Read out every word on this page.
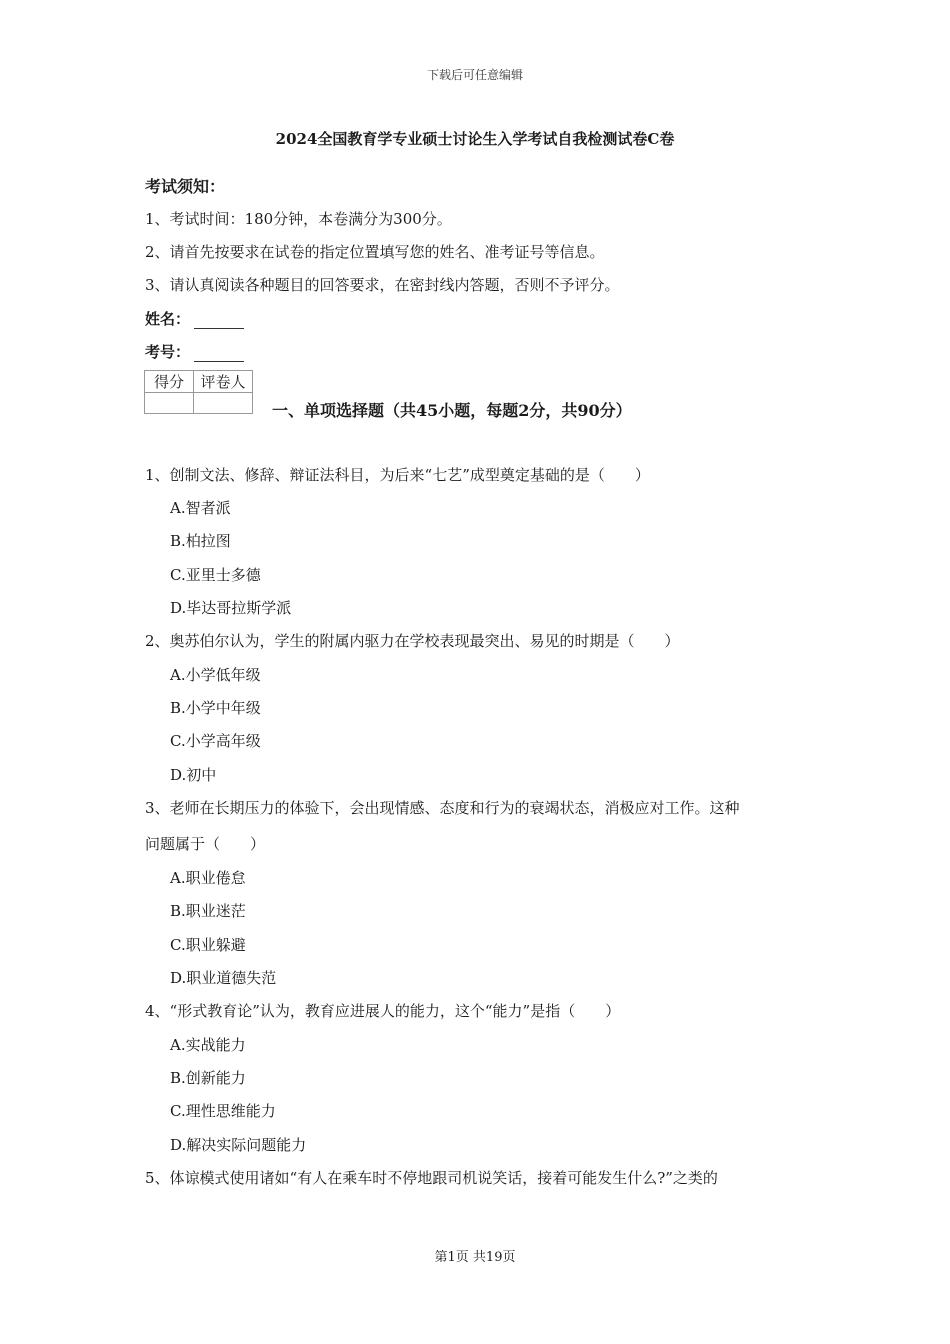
下载后可任意编辑
2024全国教育学专业硕士讨论生入学考试自我检测试卷C卷
考试须知：
1、考试时间：180分钟，本卷满分为300分。
2、请首先按要求在试卷的指定位置填写您的姓名、准考证号等信息。
3、请认真阅读各种题目的回答要求，在密封线内答题，否则不予评分。
姓名：
考号：
得分	评卷人

一、单项选择题（共45小题，每题2分，共90分）
1、创制文法、修辞、辩证法科目，为后来“七艺”成型奠定基础的是（　　）
A.智者派
B.柏拉图
C.亚里士多德
D.毕达哥拉斯学派
2、奥苏伯尔认为，学生的附属内驱力在学校表现最突出、易见的时期是（　　）
A.小学低年级
B.小学中年级
C.小学高年级
D.初中
3、老师在长期压力的体验下，会出现情感、态度和行为的衰竭状态，消极应对工作。这种
问题属于（　　）
A.职业倦怠
B.职业迷茫
C.职业躲避
D.职业道德失范
4、“形式教育论”认为，教育应进展人的能力，这个“能力”是指（　　）
A.实战能力
B.创新能力
C.理性思维能力
D.解决实际问题能力
5、体谅模式使用诸如“有人在乘车时不停地跟司机说笑话，接着可能发生什么?”之类的
第1页 共19页
